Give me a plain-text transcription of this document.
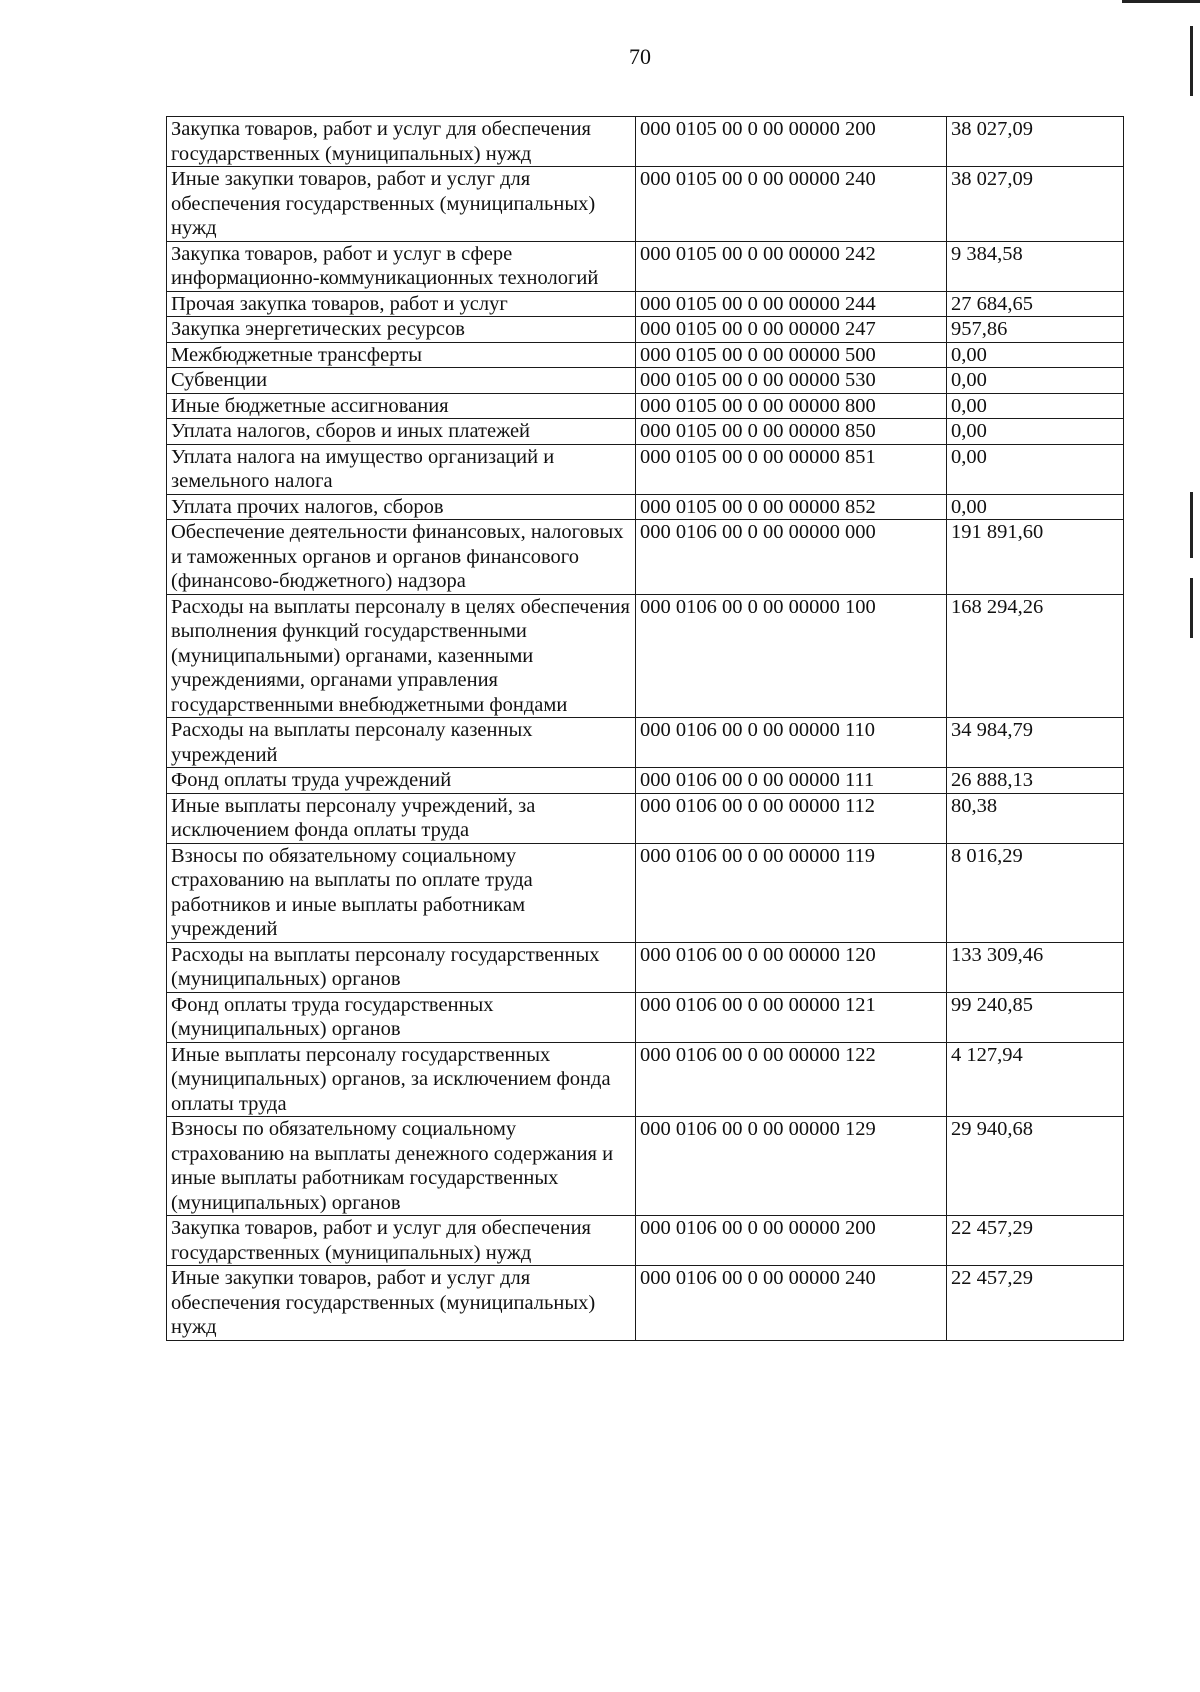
70
Закупка товаров, работ и услуг для обеспечения государственных (муниципальных) нужд	000 0105 00 0 00 00000 200	38 027,09
Иные закупки товаров, работ и услуг для обеспечения государственных (муниципальных) нужд	000 0105 00 0 00 00000 240	38 027,09
Закупка товаров, работ и услуг в сфере информационно-коммуникационных технологий	000 0105 00 0 00 00000 242	9 384,58
Прочая закупка товаров, работ и услуг	000 0105 00 0 00 00000 244	27 684,65
Закупка энергетических ресурсов	000 0105 00 0 00 00000 247	957,86
Межбюджетные трансферты	000 0105 00 0 00 00000 500	0,00
Субвенции	000 0105 00 0 00 00000 530	0,00
Иные бюджетные ассигнования	000 0105 00 0 00 00000 800	0,00
Уплата налогов, сборов и иных платежей	000 0105 00 0 00 00000 850	0,00
Уплата налога на имущество организаций и земельного налога	000 0105 00 0 00 00000 851	0,00
Уплата прочих налогов, сборов	000 0105 00 0 00 00000 852	0,00
Обеспечение деятельности финансовых, налоговых и таможенных органов и органов финансового (финансово-бюджетного) надзора	000 0106 00 0 00 00000 000	191 891,60
Расходы на выплаты персоналу в целях обеспечения выполнения функций государственными (муниципальными) органами, казенными учреждениями, органами управления государственными внебюджетными фондами	000 0106 00 0 00 00000 100	168 294,26
Расходы на выплаты персоналу казенных учреждений	000 0106 00 0 00 00000 110	34 984,79
Фонд оплаты труда учреждений	000 0106 00 0 00 00000 111	26 888,13
Иные выплаты персоналу учреждений, за исключением фонда оплаты труда	000 0106 00 0 00 00000 112	80,38
Взносы по обязательному социальному страхованию на выплаты по оплате труда работников и иные выплаты работникам учреждений	000 0106 00 0 00 00000 119	8 016,29
Расходы на выплаты персоналу государственных (муниципальных) органов	000 0106 00 0 00 00000 120	133 309,46
Фонд оплаты труда государственных (муниципальных) органов	000 0106 00 0 00 00000 121	99 240,85
Иные выплаты персоналу государственных (муниципальных) органов, за исключением фонда оплаты труда	000 0106 00 0 00 00000 122	4 127,94
Взносы по обязательному социальному страхованию на выплаты денежного содержания и иные выплаты работникам государственных (муниципальных) органов	000 0106 00 0 00 00000 129	29 940,68
Закупка товаров, работ и услуг для обеспечения государственных (муниципальных) нужд	000 0106 00 0 00 00000 200	22 457,29
Иные закупки товаров, работ и услуг для обеспечения государственных (муниципальных) нужд	000 0106 00 0 00 00000 240	22 457,29
